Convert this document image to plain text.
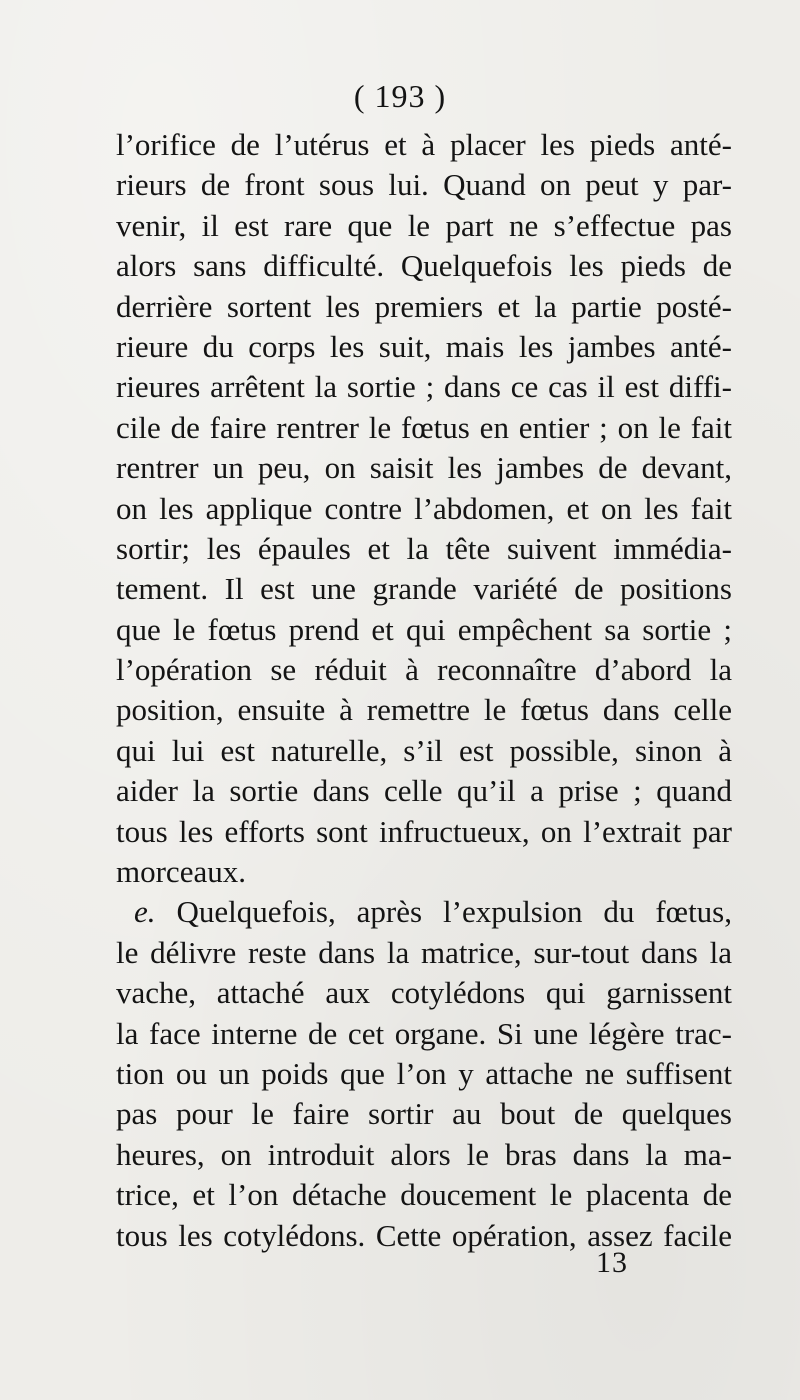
( 193 )
l’orifice de l’utérus et à placer les pieds anté-
rieurs de front sous lui. Quand on peut y par-
venir, il est rare que le part ne s’effectue pas
alors sans difficulté. Quelquefois les pieds de
derrière sortent les premiers et la partie posté-
rieure du corps les suit, mais les jambes anté-
rieures arrêtent la sortie ; dans ce cas il est diffi-
cile de faire rentrer le fœtus en entier ; on le fait
rentrer un peu, on saisit les jambes de devant,
on les applique contre l’abdomen, et on les fait
sortir; les épaules et la tête suivent immédia-
tement. Il est une grande variété de positions
que le fœtus prend et qui empêchent sa sortie ;
l’opération se réduit à reconnaître d’abord la
position, ensuite à remettre le fœtus dans celle
qui lui est naturelle, s’il est possible, sinon à
aider la sortie dans celle qu’il a prise ; quand
tous les efforts sont infructueux, on l’extrait par
morceaux.
e. Quelquefois, après l’expulsion du fœtus,
le délivre reste dans la matrice, sur-tout dans la
vache, attaché aux cotylédons qui garnissent
la face interne de cet organe. Si une légère trac-
tion ou un poids que l’on y attache ne suffisent
pas pour le faire sortir au bout de quelques
heures, on introduit alors le bras dans la ma-
trice, et l’on détache doucement le placenta de
tous les cotylédons. Cette opération, assez facile
13
